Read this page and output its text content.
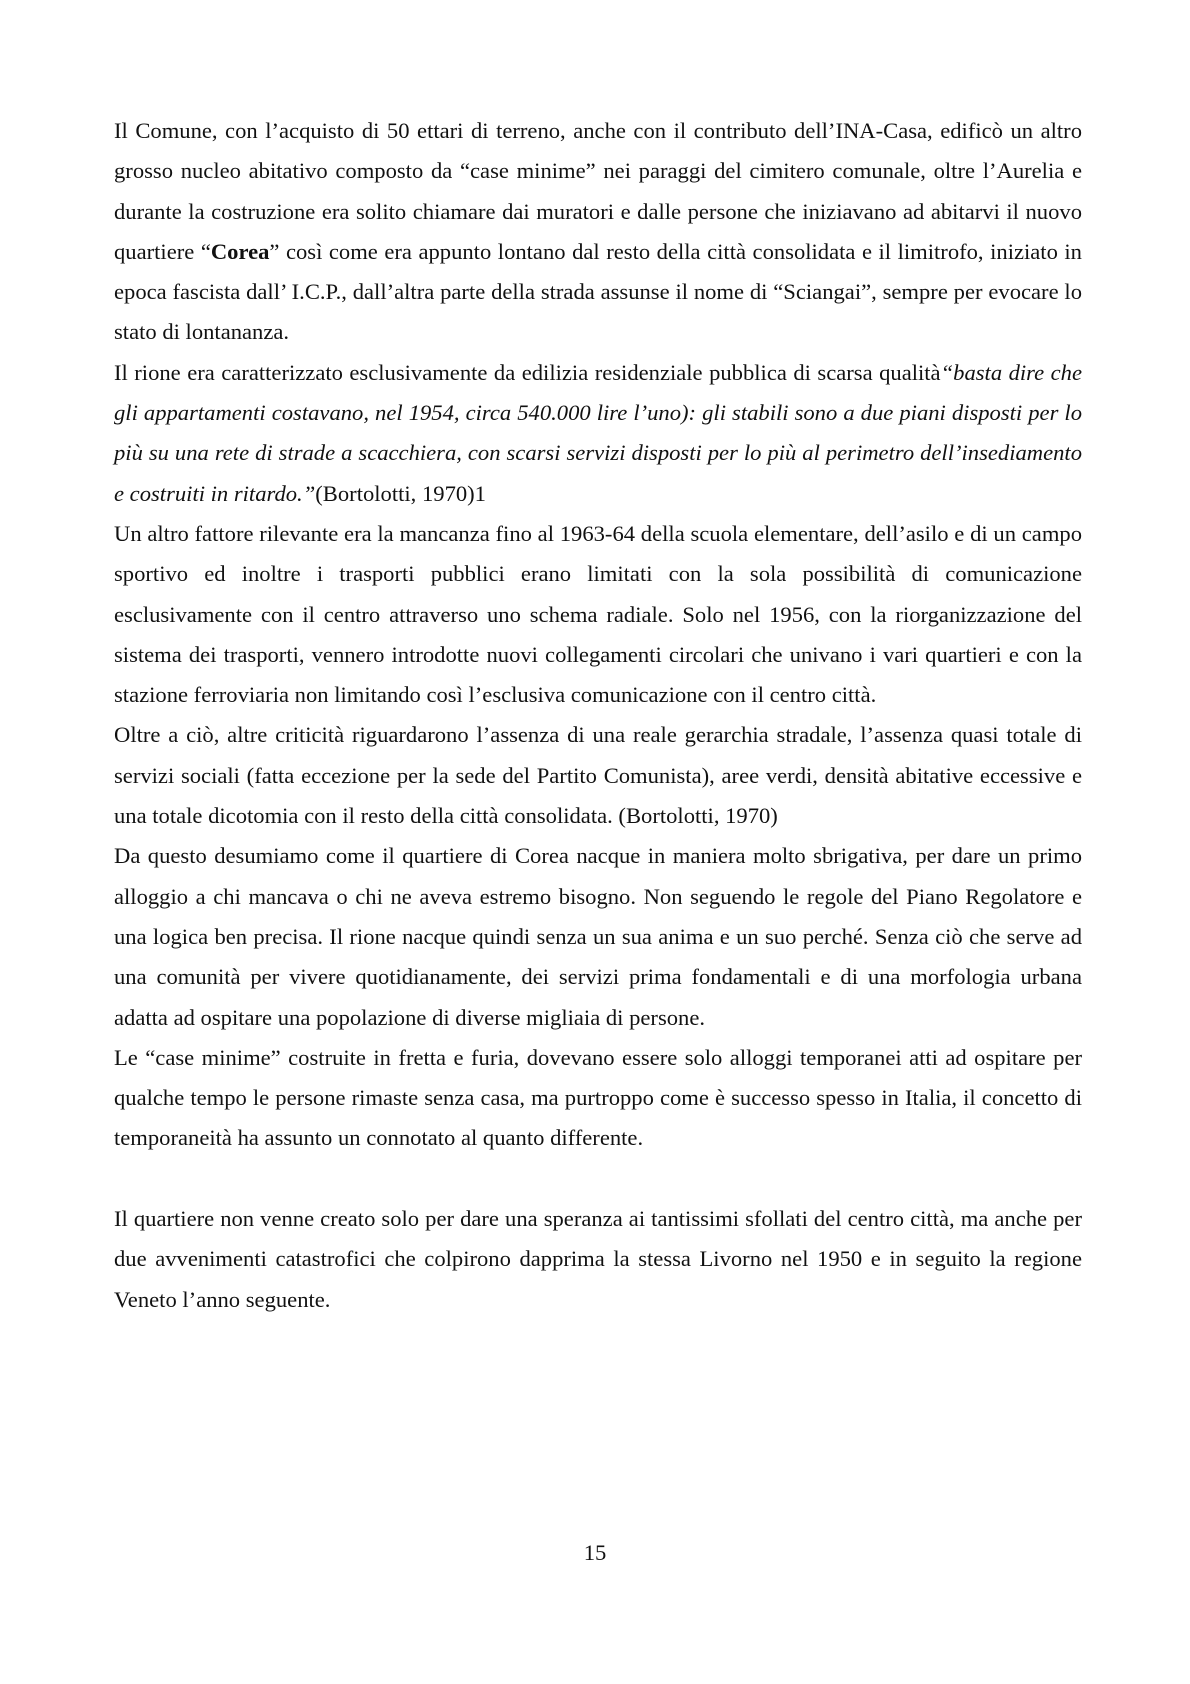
Il Comune, con l’acquisto di 50 ettari di terreno, anche con il contributo dell’INA-Casa, edificò un altro grosso nucleo abitativo composto da “case minime” nei paraggi del cimitero comunale, oltre l’Aurelia e durante la costruzione era solito chiamare dai muratori e dalle persone che iniziavano ad abitarvi il nuovo quartiere “Corea” così come era appunto lontano dal resto della città consolidata e il limitrofo, iniziato in epoca fascista dall’ I.C.P., dall’altra parte della strada assunse il nome di “Sciangai”, sempre per evocare lo stato di lontananza.

Il rione era caratterizzato esclusivamente da edilizia residenziale pubblica di scarsa qualità“basta dire che gli appartamenti costavano, nel 1954, circa 540.000 lire l’uno): gli stabili sono a due piani disposti per lo più su una rete di strade a scacchiera, con scarsi servizi disposti per lo più al perimetro dell’insediamento e costruiti in ritardo.”(Bortolotti, 1970)1

Un altro fattore rilevante era la mancanza fino al 1963-64 della scuola elementare, dell’asilo e di un campo sportivo ed inoltre i trasporti pubblici erano limitati con la sola possibilità di comunicazione esclusivamente con il centro attraverso uno schema radiale. Solo nel 1956, con la riorganizzazione del sistema dei trasporti, vennero introdotte nuovi collegamenti circolari che univano i vari quartieri e con la stazione ferroviaria non limitando così l’esclusiva comunicazione con il centro città.

Oltre a ciò, altre criticità riguardarono l’assenza di una reale gerarchia stradale, l’assenza quasi totale di servizi sociali (fatta eccezione per la sede del Partito Comunista), aree verdi, densità abitative eccessive e una totale dicotomia con il resto della città consolidata. (Bortolotti, 1970)

Da questo desumiamo come il quartiere di Corea nacque in maniera molto sbrigativa, per dare un primo alloggio a chi mancava o chi ne aveva estremo bisogno. Non seguendo le regole del Piano Regolatore e una logica ben precisa. Il rione nacque quindi senza un sua anima e un suo perché. Senza ciò che serve ad una comunità per vivere quotidianamente, dei servizi prima fondamentali e di una morfologia urbana adatta ad ospitare una popolazione di diverse migliaia di persone.

Le “case minime” costruite in fretta e furia, dovevano essere solo alloggi temporanei atti ad ospitare per qualche tempo le persone rimaste senza casa, ma purtroppo come è successo spesso in Italia, il concetto di temporaneità ha assunto un connotato al quanto differente.

Il quartiere non venne creato solo per dare una speranza ai tantissimi sfollati del centro città, ma anche per due avvenimenti catastrofici che colpirono dapprima la stessa Livorno nel 1950 e in seguito la regione Veneto l’anno seguente.

15
